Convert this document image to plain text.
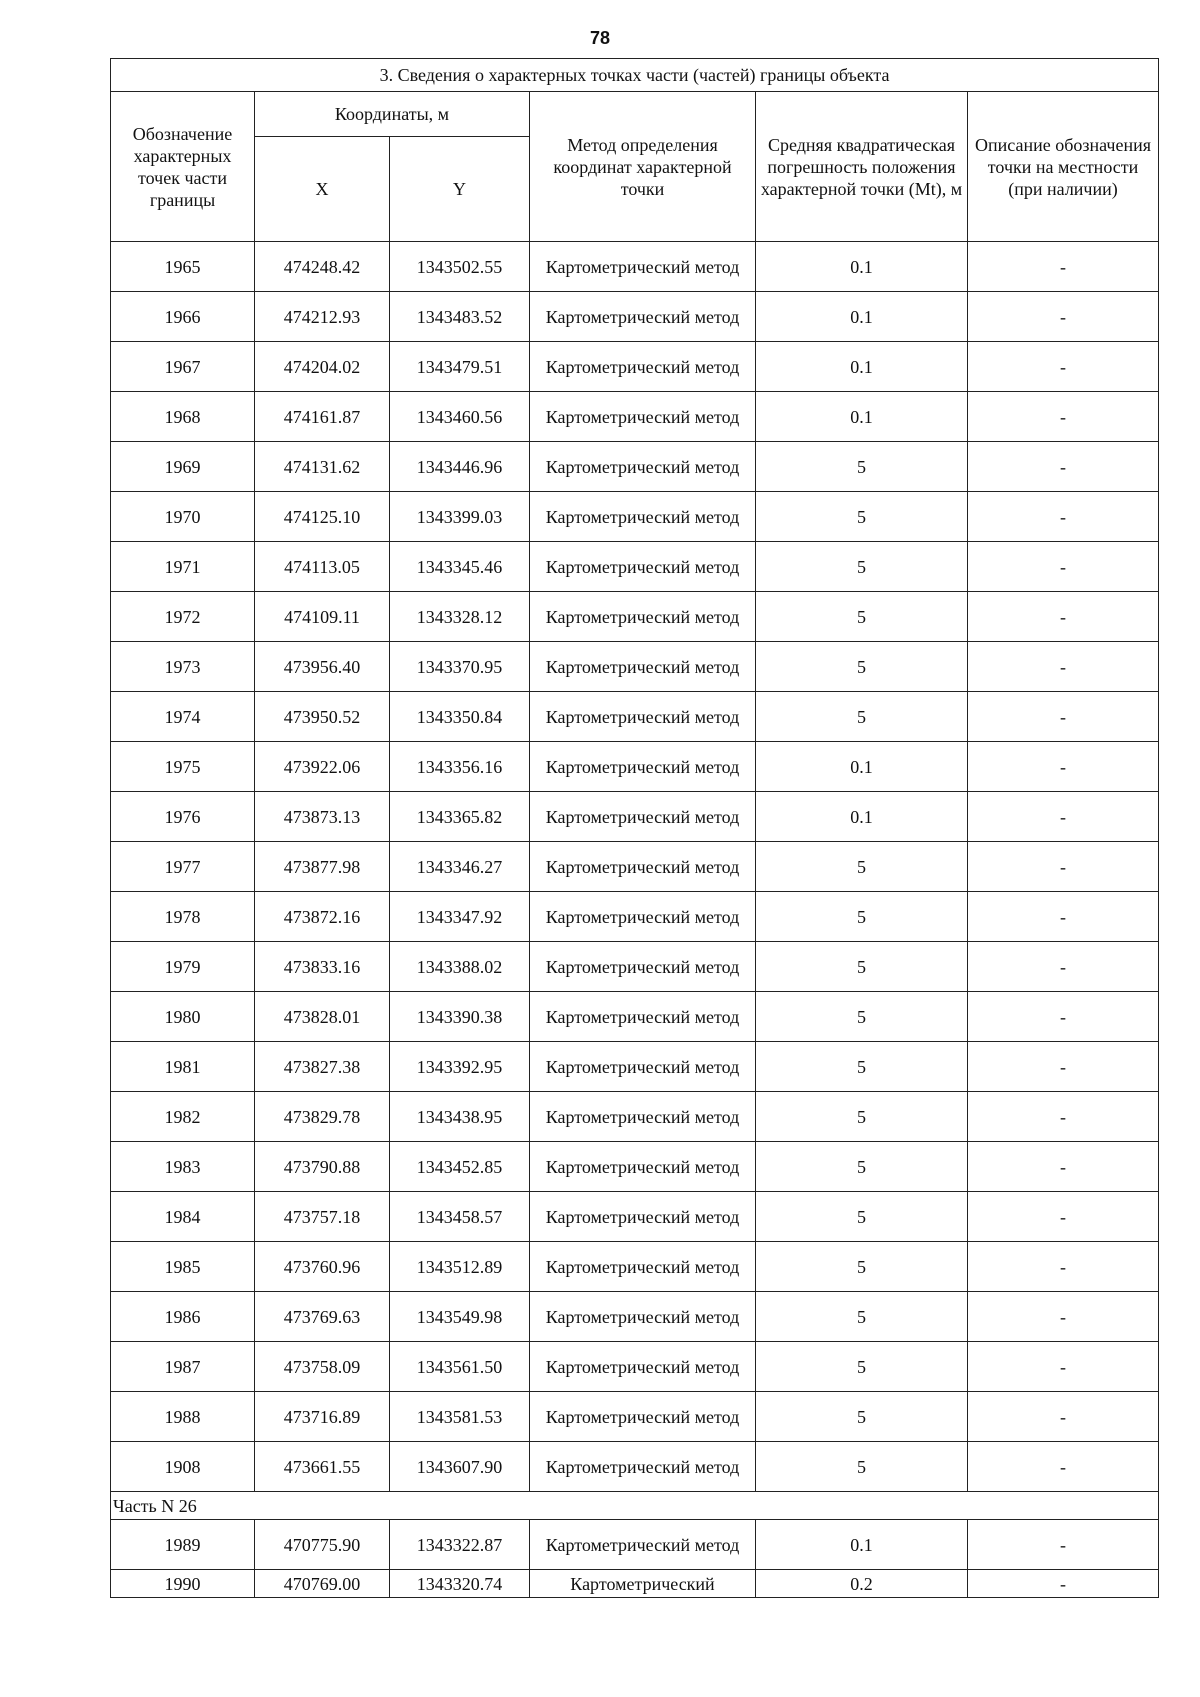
78
3. Сведения о характерных точках части (частей) границы объекта					
Обозначение характерных точек части границы	Координаты, м		Метод определения координат характерной точки	Средняя квадратическая погрешность положения характерной точки (Mt), м	Описание обозначения точки на местности (при наличии)
	X	Y			
1965	474248.42	1343502.55	Картометрический метод	0.1	-
1966	474212.93	1343483.52	Картометрический метод	0.1	-
1967	474204.02	1343479.51	Картометрический метод	0.1	-
1968	474161.87	1343460.56	Картометрический метод	0.1	-
1969	474131.62	1343446.96	Картометрический метод	5	-
1970	474125.10	1343399.03	Картометрический метод	5	-
1971	474113.05	1343345.46	Картометрический метод	5	-
1972	474109.11	1343328.12	Картометрический метод	5	-
1973	473956.40	1343370.95	Картометрический метод	5	-
1974	473950.52	1343350.84	Картометрический метод	5	-
1975	473922.06	1343356.16	Картометрический метод	0.1	-
1976	473873.13	1343365.82	Картометрический метод	0.1	-
1977	473877.98	1343346.27	Картометрический метод	5	-
1978	473872.16	1343347.92	Картометрический метод	5	-
1979	473833.16	1343388.02	Картометрический метод	5	-
1980	473828.01	1343390.38	Картометрический метод	5	-
1981	473827.38	1343392.95	Картометрический метод	5	-
1982	473829.78	1343438.95	Картометрический метод	5	-
1983	473790.88	1343452.85	Картометрический метод	5	-
1984	473757.18	1343458.57	Картометрический метод	5	-
1985	473760.96	1343512.89	Картометрический метод	5	-
1986	473769.63	1343549.98	Картометрический метод	5	-
1987	473758.09	1343561.50	Картометрический метод	5	-
1988	473716.89	1343581.53	Картометрический метод	5	-
1908	473661.55	1343607.90	Картометрический метод	5	-
Часть N 26					
1989	470775.90	1343322.87	Картометрический метод	0.1	-
1990	470769.00	1343320.74	Картометрический	0.2	-
